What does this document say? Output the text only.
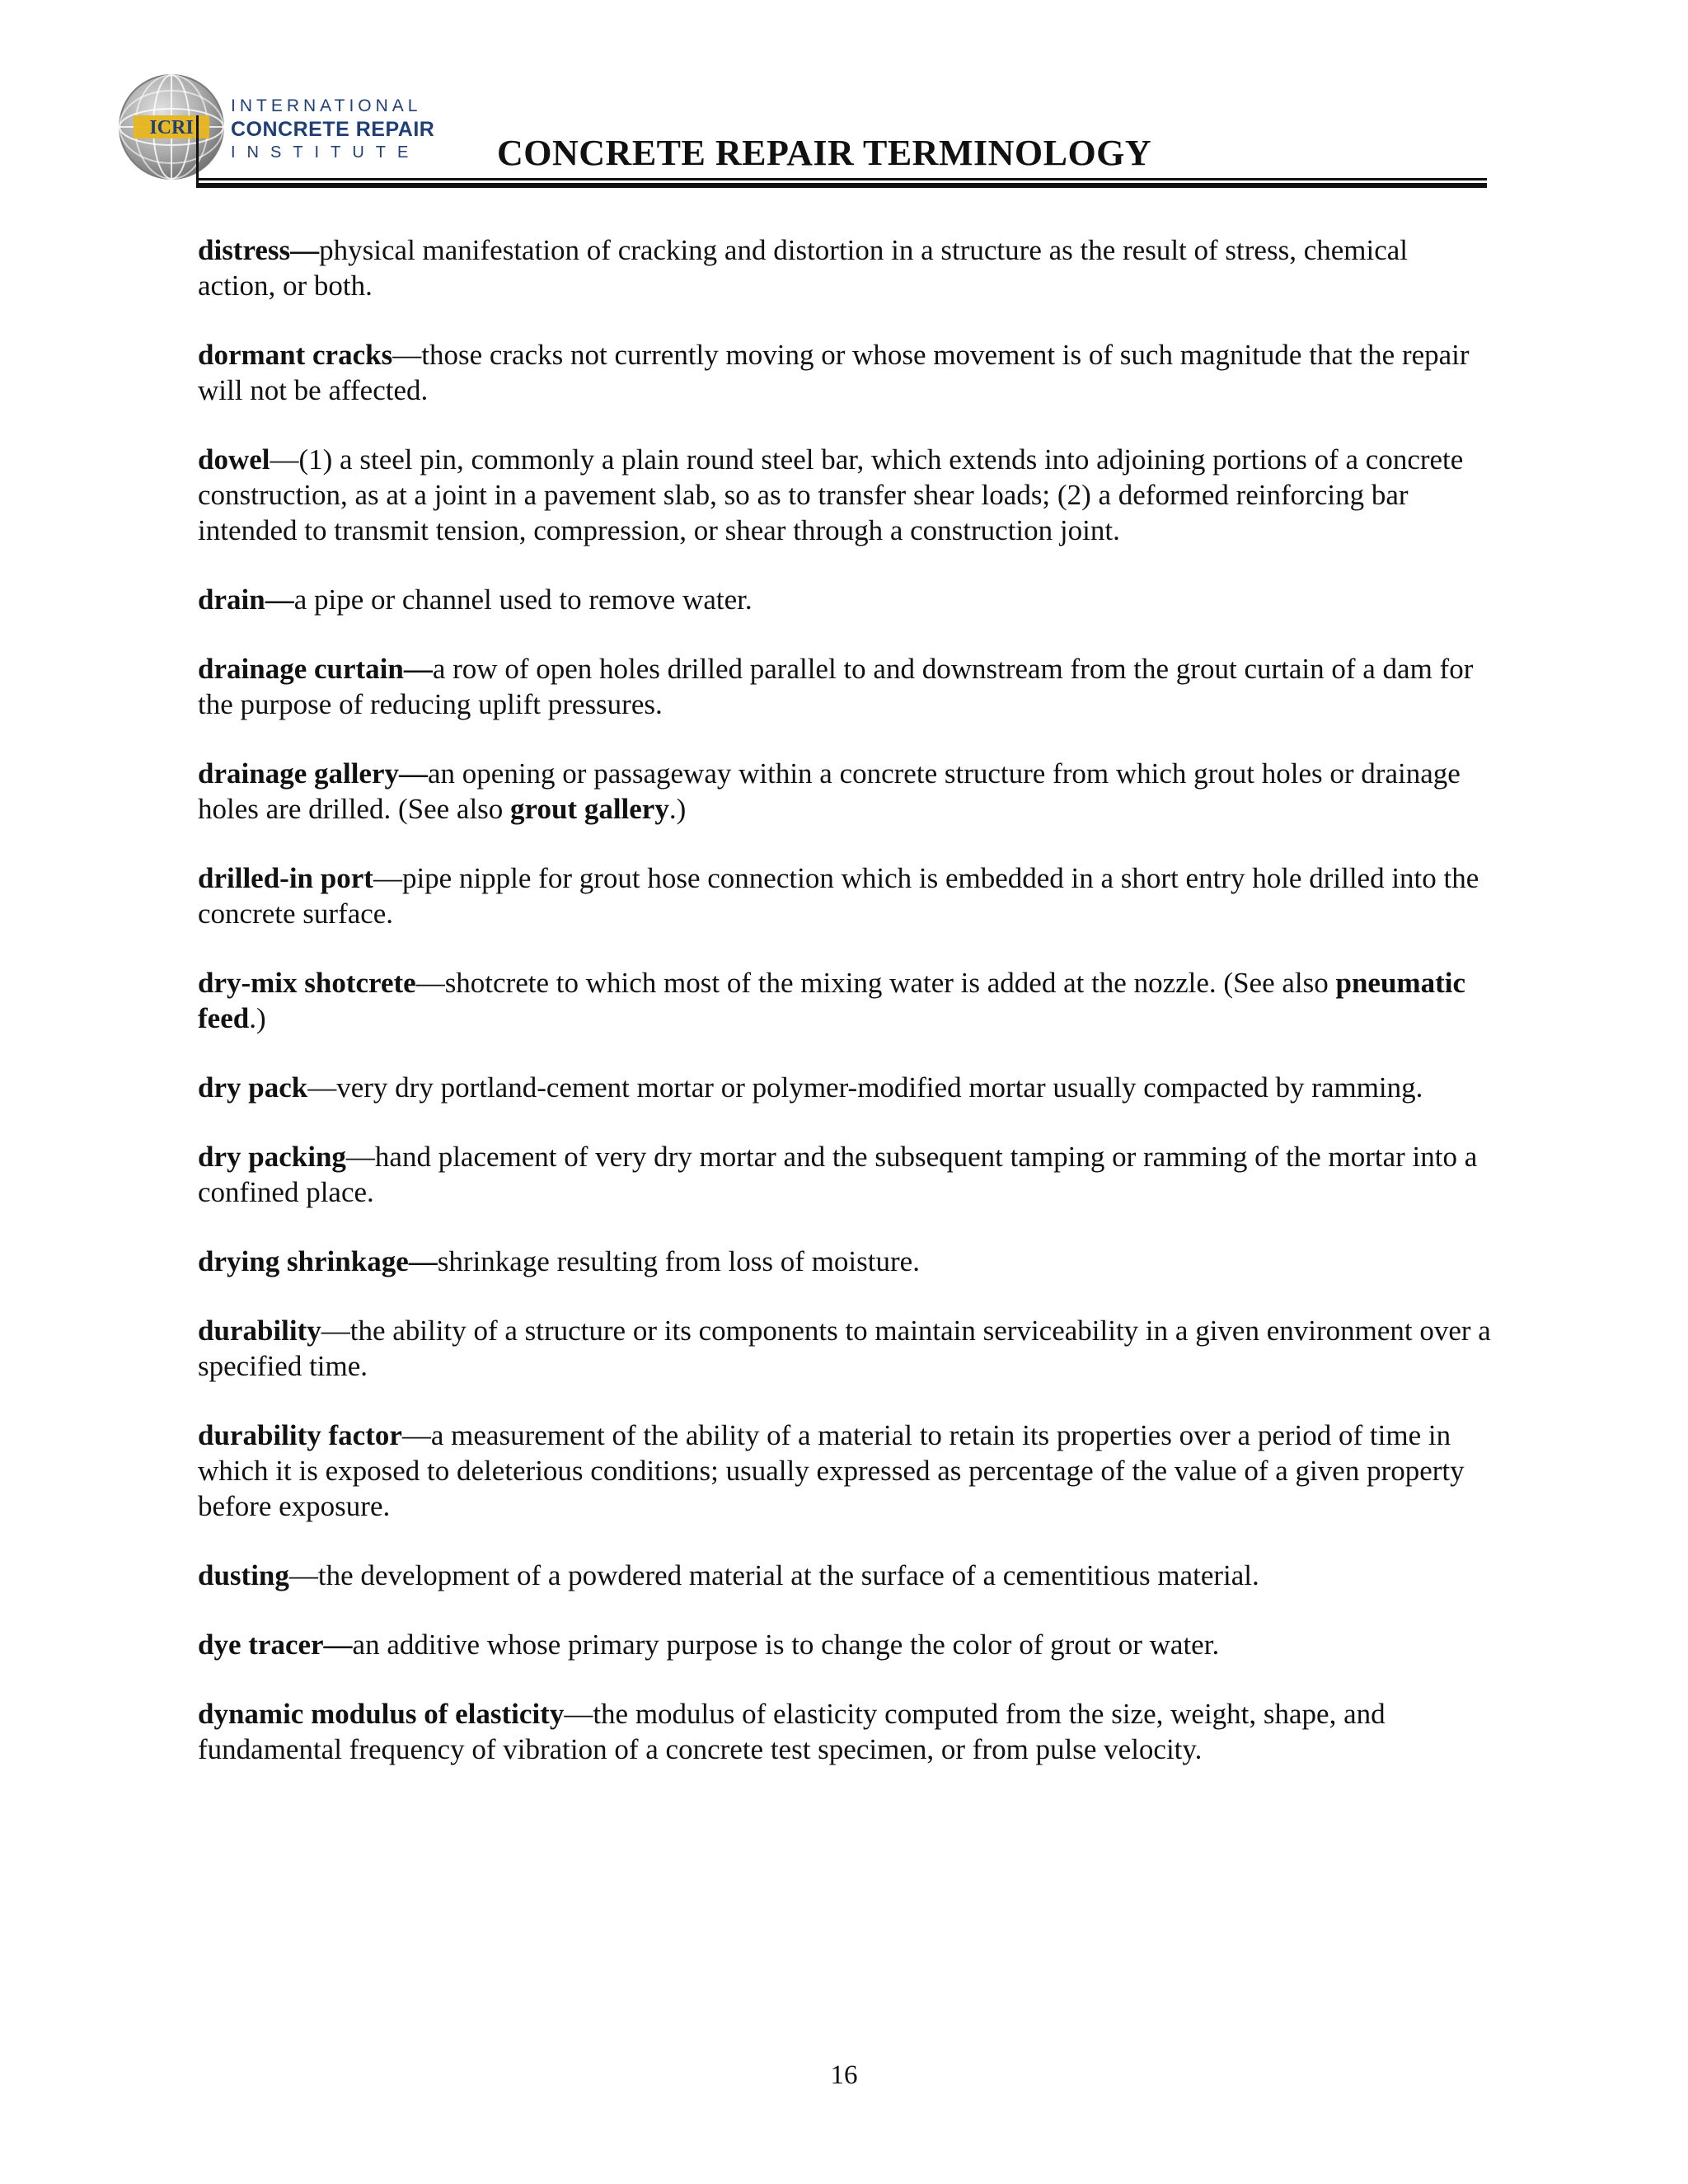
ICRI
INTERNATIONAL
CONCRETE REPAIR
INSTITUTE	CONCRETE REPAIR TERMINOLOGY

distress—physical manifestation of cracking and distortion in a structure as the result of stress, chemical action, or both.

dormant cracks—those cracks not currently moving or whose movement is of such magnitude that the repair will not be affected.

dowel—(1) a steel pin, commonly a plain round steel bar, which extends into adjoining portions of a concrete construction, as at a joint in a pavement slab, so as to transfer shear loads; (2) a deformed reinforcing bar intended to transmit tension, compression, or shear through a construction joint.

drain—a pipe or channel used to remove water.

drainage curtain—a row of open holes drilled parallel to and downstream from the grout curtain of a dam for the purpose of reducing uplift pressures.

drainage gallery—an opening or passageway within a concrete structure from which grout holes or drainage holes are drilled. (See also grout gallery.)

drilled-in port—pipe nipple for grout hose connection which is embedded in a short entry hole drilled into the concrete surface.

dry-mix shotcrete—shotcrete to which most of the mixing water is added at the nozzle. (See also pneumatic feed.)

dry pack—very dry portland-cement mortar or polymer-modified mortar usually compacted by ramming.

dry packing—hand placement of very dry mortar and the subsequent tamping or ramming of the mortar into a confined place.

drying shrinkage—shrinkage resulting from loss of moisture.

durability—the ability of a structure or its components to maintain serviceability in a given environment over a specified time.

durability factor—a measurement of the ability of a material to retain its properties over a period of time in which it is exposed to deleterious conditions; usually expressed as percentage of the value of a given property before exposure.

dusting—the development of a powdered material at the surface of a cementitious material.

dye tracer—an additive whose primary purpose is to change the color of grout or water.

dynamic modulus of elasticity—the modulus of elasticity computed from the size, weight, shape, and fundamental frequency of vibration of a concrete test specimen, or from pulse velocity.

16
